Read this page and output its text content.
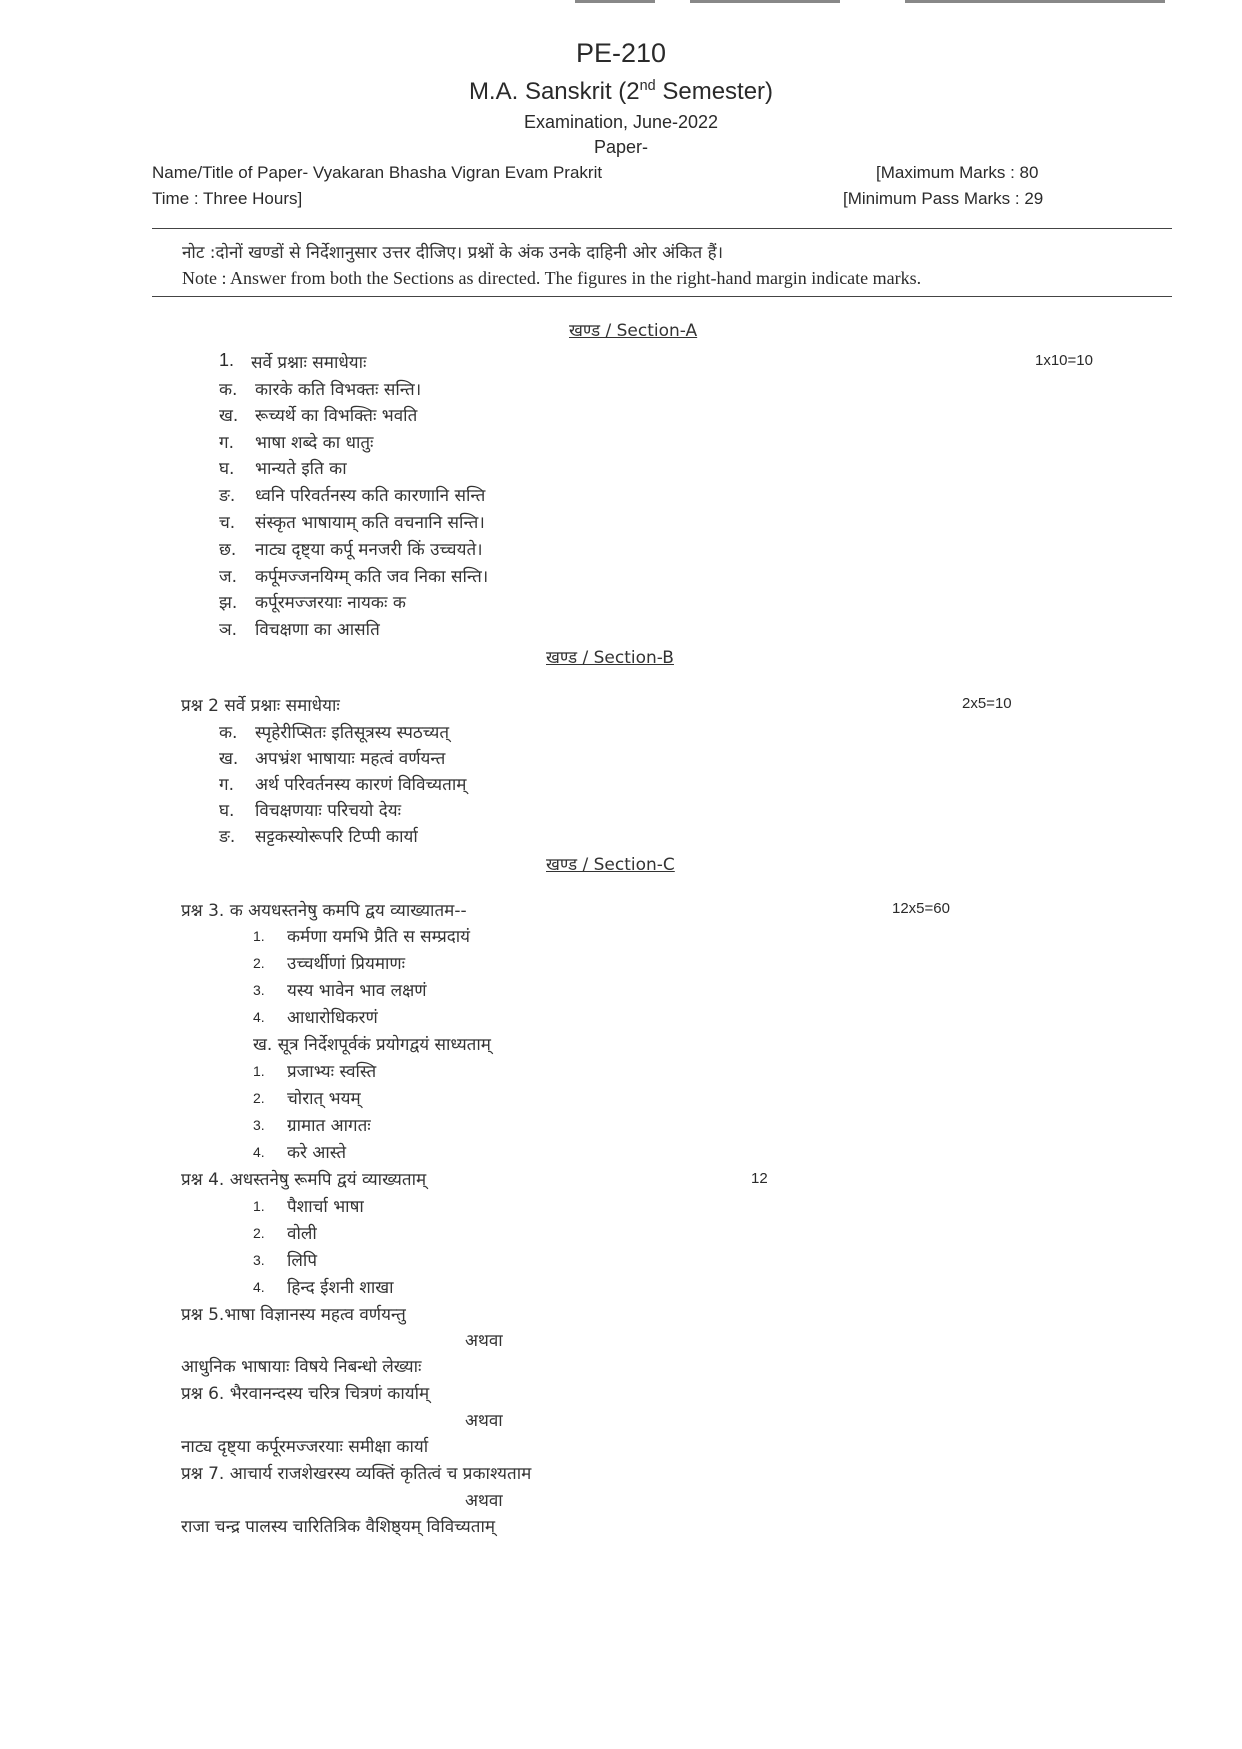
PE-210
M.A. Sanskrit (2nd Semester)
Examination, June-2022
Paper-
Name/Title of Paper- Vyakaran Bhasha Vigran Evam Prakrit	[Maximum Marks : 80
Time : Three Hours]	[Minimum Pass Marks : 29
नोट :दोनों खण्डों से निर्देशानुसार उत्तर दीजिए। प्रश्नों के अंक उनके दाहिनी ओर अंकित हैं।
Note : Answer from both the Sections as directed. The figures in the right-hand margin indicate marks.
खण्ड / Section-A
1. सर्वे प्रश्नाः समाधेयाः	1x10=10
क. कारके कति विभक्तः सन्ति।
ख. रूच्यर्थे का विभक्तिः भवति
ग. भाषा शब्दे का धातुः
घ. भान्यते इति का
ङ. ध्वनि परिवर्तनस्य कति कारणानि सन्ति
च. संस्कृत भाषायाम् कति वचनानि सन्ति।
छ. नाट्य दृष्ट्या कर्पू मनजरी किं उच्चयते।
ज. कर्पूमज्जनयिग्म् कति जव निका सन्ति।
झ. कर्पूरमज्जरयाः नायकः क
ञ. विचक्षणा का आसति
खण्ड / Section-B
प्रश्न 2 सर्वे प्रश्नाः समाधेयाः	2x5=10
क. स्पृहेरीप्सितः इतिसूत्रस्य स्पठच्यत्
ख. अपभ्रंश भाषायाः महत्वं वर्णयन्त
ग. अर्थ परिवर्तनस्य कारणं विविच्यताम्
घ. विचक्षणयाः परिचयो देयः
ङ. सट्टकस्योरूपरि टिप्पी कार्या
खण्ड / Section-C
प्रश्न 3. क अयधस्तनेषु कमपि द्वय व्याख्यातम--	12x5=60
1. कर्मणा यमभि प्रैति स सम्प्रदायं
2. उच्चर्थीणां प्रियमाणः
3. यस्य भावेन भाव लक्षणं
4. आधारोधिकरणं
ख. सूत्र निर्देशपूर्वकं प्रयोगद्वयं साध्यताम्
1. प्रजाभ्यः स्वस्ति
2. चोरात् भयम्
3. ग्रामात आगतः
4. करे आस्ते
प्रश्न 4. अधस्तनेषु रूमपि द्वयं व्याख्यताम्	12
1. पैशार्चा भाषा
2. वोली
3. लिपि
4. हिन्द ईशनी शाखा
प्रश्न 5.भाषा विज्ञानस्य महत्व वर्णयन्तु
अथवा
आधुनिक भाषायाः विषये निबन्धो लेख्याः
प्रश्न 6. भैरवानन्दस्य चरित्र चित्रणं कार्याम्
अथवा
नाट्य दृष्ट्या कर्पूरमज्जरयाः समीक्षा कार्या
प्रश्न 7. आचार्य राजशेखरस्य व्यक्तिं कृतित्वं च प्रकाश्यताम
अथवा
राजा चन्द्र पालस्य चारितित्रिक वैशिष्ठ्यम् विविच्यताम्
